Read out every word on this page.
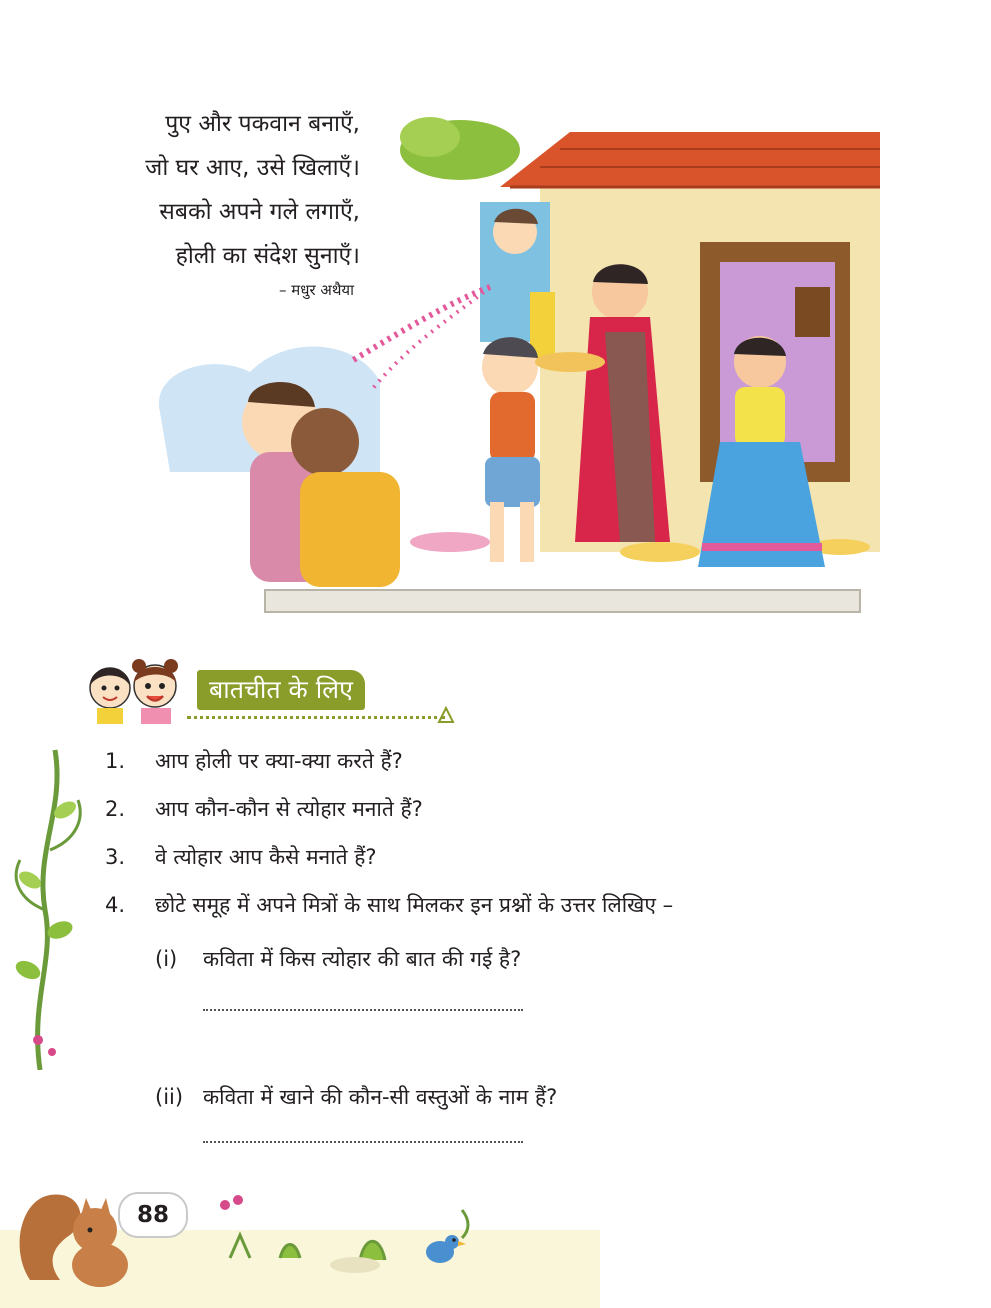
पुए और पकवान बनाएँ,
जो घर आए, उसे खिलाएँ।
सबको अपने गले लगाएँ,
होली का संदेश सुनाएँ।
– मधुर अथैया
बातचीत के लिए
1.	आप होली पर क्या-क्या करते हैं?
2.	आप कौन-कौन से त्योहार मनाते हैं?
3.	वे त्योहार आप कैसे मनाते हैं?
4.	छोटे समूह में अपने मित्रों के साथ मिलकर इन प्रश्नों के उत्तर लिखिए –
(i) कविता में किस त्योहार की बात की गई है?
(ii) कविता में खाने की कौन-सी वस्तुओं के नाम हैं?
88
